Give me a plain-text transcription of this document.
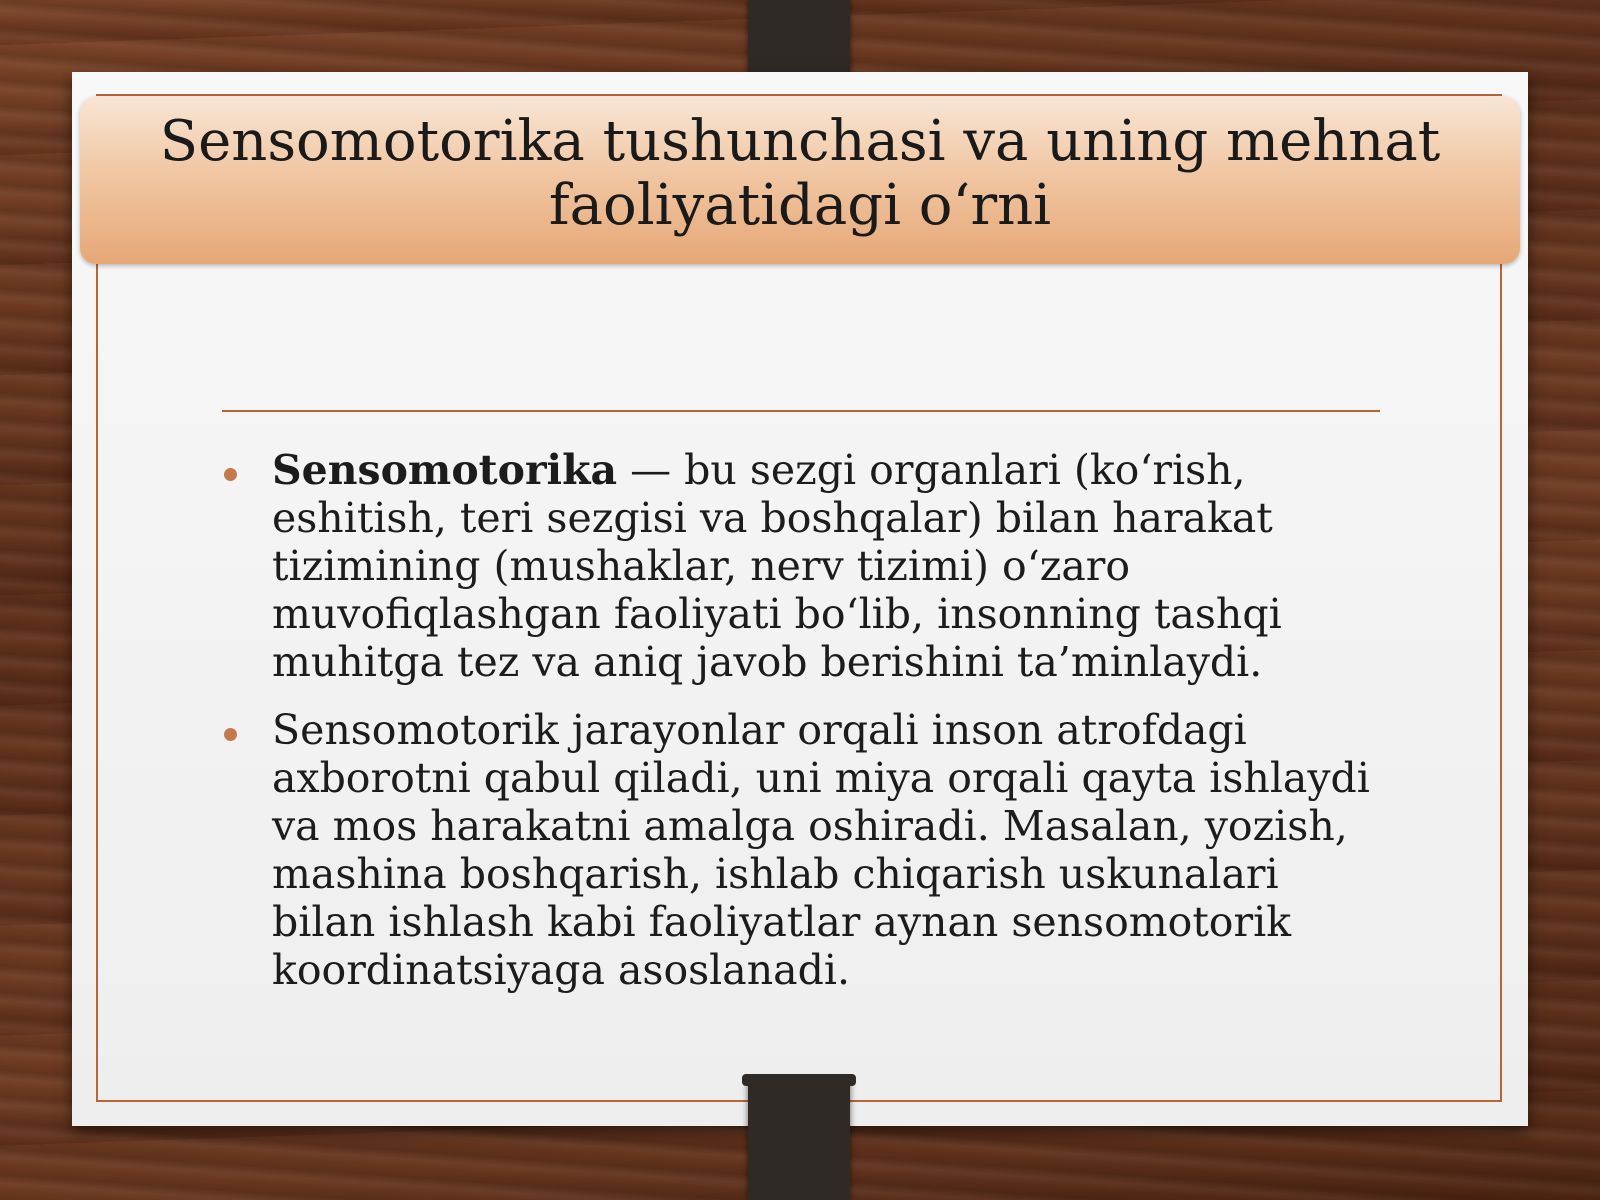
Sensomotorika tushunchasi va uning mehnat faoliyatidagi o‘rni
Sensomotorika — bu sezgi organlari (ko‘rish, eshitish, teri sezgisi va boshqalar) bilan harakat tizimining (mushaklar, nerv tizimi) o‘zaro muvofiqlashgan faoliyati bo‘lib, insonning tashqi muhitga tez va aniq javob berishini ta’minlaydi.
Sensomotorik jarayonlar orqali inson atrofdagi axborotni qabul qiladi, uni miya orqali qayta ishlaydi va mos harakatni amalga oshiradi. Masalan, yozish, mashina boshqarish, ishlab chiqarish uskunalari bilan ishlash kabi faoliyatlar aynan sensomotorik koordinatsiyaga asoslanadi.
